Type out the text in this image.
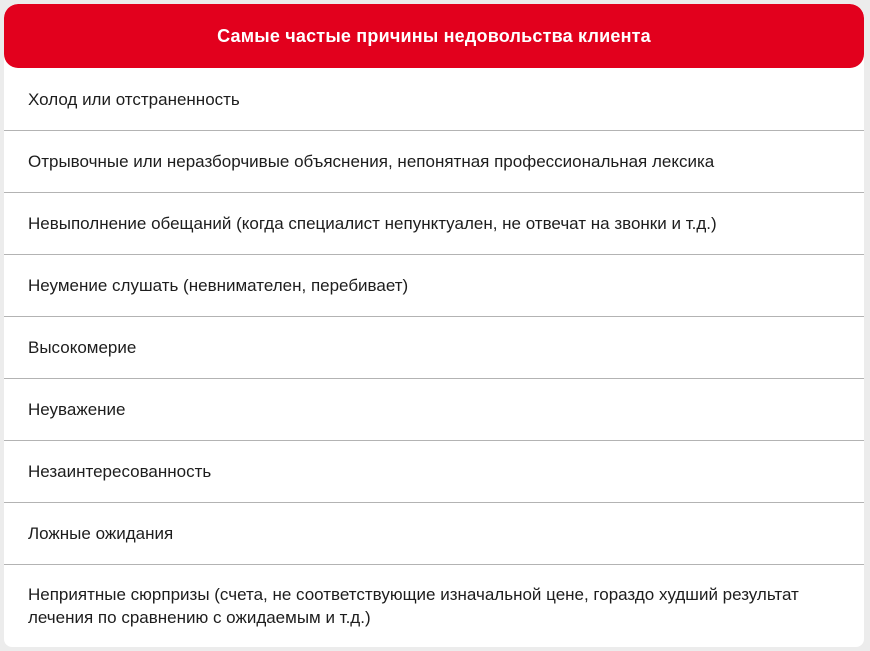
Самые частые причины недовольства клиента
Холод или отстраненность
Отрывочные или неразборчивые объяснения, непонятная профессиональная лексика
Невыполнение обещаний (когда специалист непунктуален, не отвечат на звонки и т.д.)
Неумение слушать (невнимателен, перебивает)
Высокомерие
Неуважение
Незаинтересованность
Ложные ожидания
Неприятные сюрпризы (счета, не соответствующие изначальной цене, гораздо худший результат лечения по сравнению с ожидаемым и т.д.)
